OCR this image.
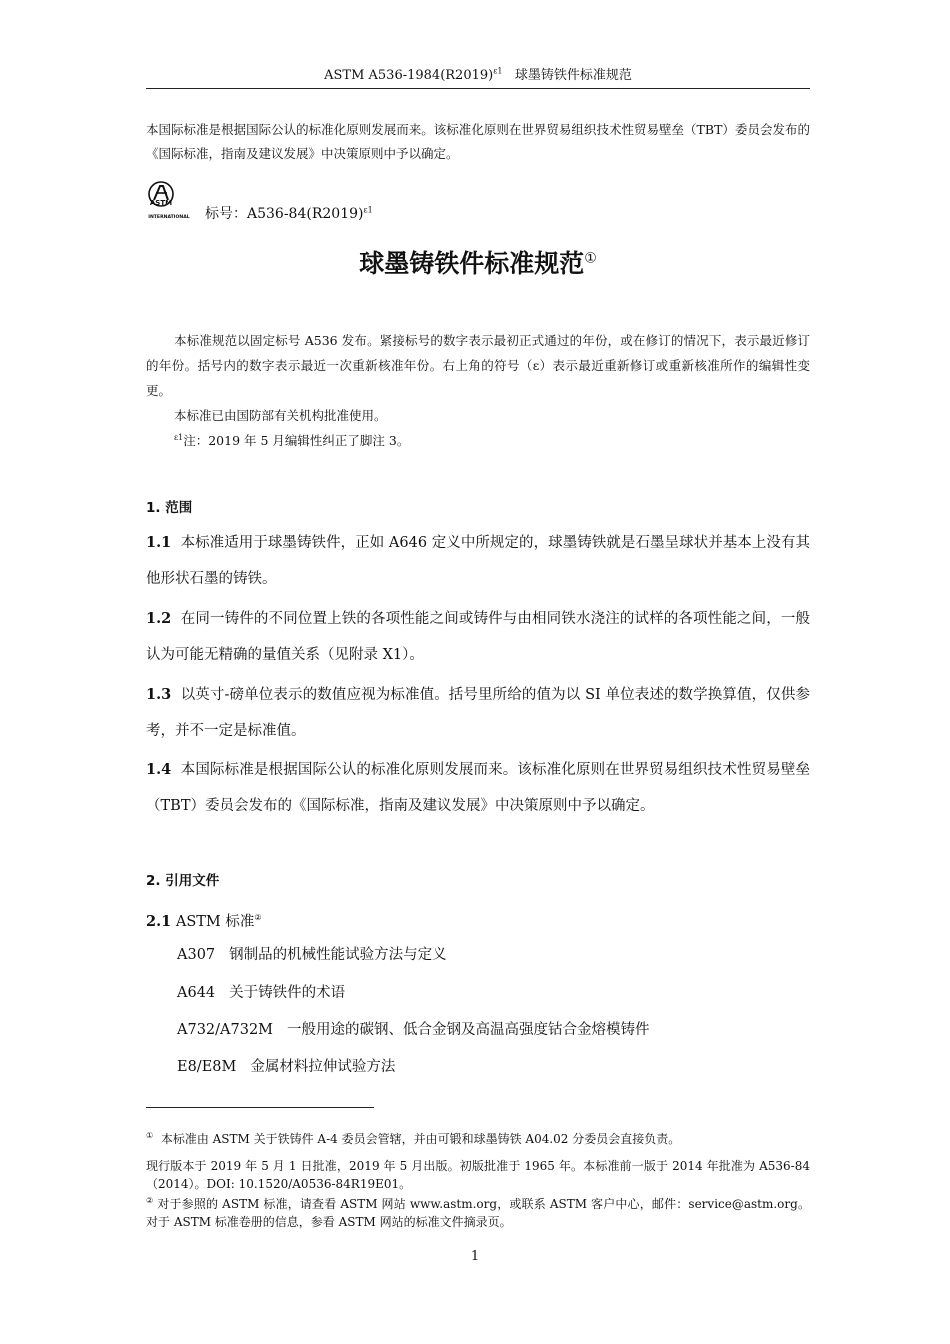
ASTM $A536-1984(R2019)^{\varepsilon 1}$ 球墨铸铁件标准规范
本国际标准是根据国际公认的标准化原则发展而来。该标准化原则在世界贸易组织技术性贸易壁垒（TBT）委员会发布的《国际标准，指南及建议发展》中决策原则中予以确定。
ASTM
INTERNATIONAL 标号：$A536-84(R2019)^{\varepsilon 1}$
球墨铸铁件标准规范①

本标准规范以固定标号 A536 发布。紧接标号的数字表示最初正式通过的年份，或在修订的情况下，表示最近修订的年份。括号内的数字表示最近一次重新核准年份。右上角的符号（ε）表示最近重新修订或重新核准所作的编辑性变更。

本标准已由国防部有关机构批准使用。

$^{\varepsilon 1}$注：2019 年 5 月编辑性纠正了脚注 3。

1. 范围
1.1 本标准适用于球墨铸铁件，正如 A646 定义中所规定的，球墨铸铁就是石墨呈球状并基本上没有其他形状石墨的铸铁。
1.2 在同一铸件的不同位置上铁的各项性能之间或铸件与由相同铁水浇注的试样的各项性能之间，一般认为可能无精确的量值关系（见附录 X1）。
1.3 以英寸-磅单位表示的数值应视为标准值。括号里所给的值为以 SI 单位表述的数学换算值，仅供参考，并不一定是标准值。
1.4 本国际标准是根据国际公认的标准化原则发展而来。该标准化原则在世界贸易组织技术性贸易壁垒（TBT）委员会发布的《国际标准，指南及建议发展》中决策原则中予以确定。
2. 引用文件
2.1 ASTM 标准②
A307 钢制品的机械性能试验方法与定义
A644 关于铸铁件的术语
A732/A732M 一般用途的碳钢、低合金钢及高温高强度钴合金熔模铸件
E8/E8M 金属材料拉伸试验方法
① 本标准由 ASTM 关于铁铸件 A-4 委员会管辖，并由可锻和球墨铸铁 A04.02 分委员会直接负责。
现行版本于 2019 年 5 月 1 日批准，2019 年 5 月出版。初版批准于 1965 年。本标准前一版于 2014 年批准为 A536-84（2014）。DOI: 10.1520/A0536-84R19E01。
② 对于参照的 ASTM 标准，请查看 ASTM 网站 www.astm.org，或联系 ASTM 客户中心，邮件：service@astm.org。对于 ASTM 标准卷册的信息，参看 ASTM 网站的标准文件摘录页。
1
